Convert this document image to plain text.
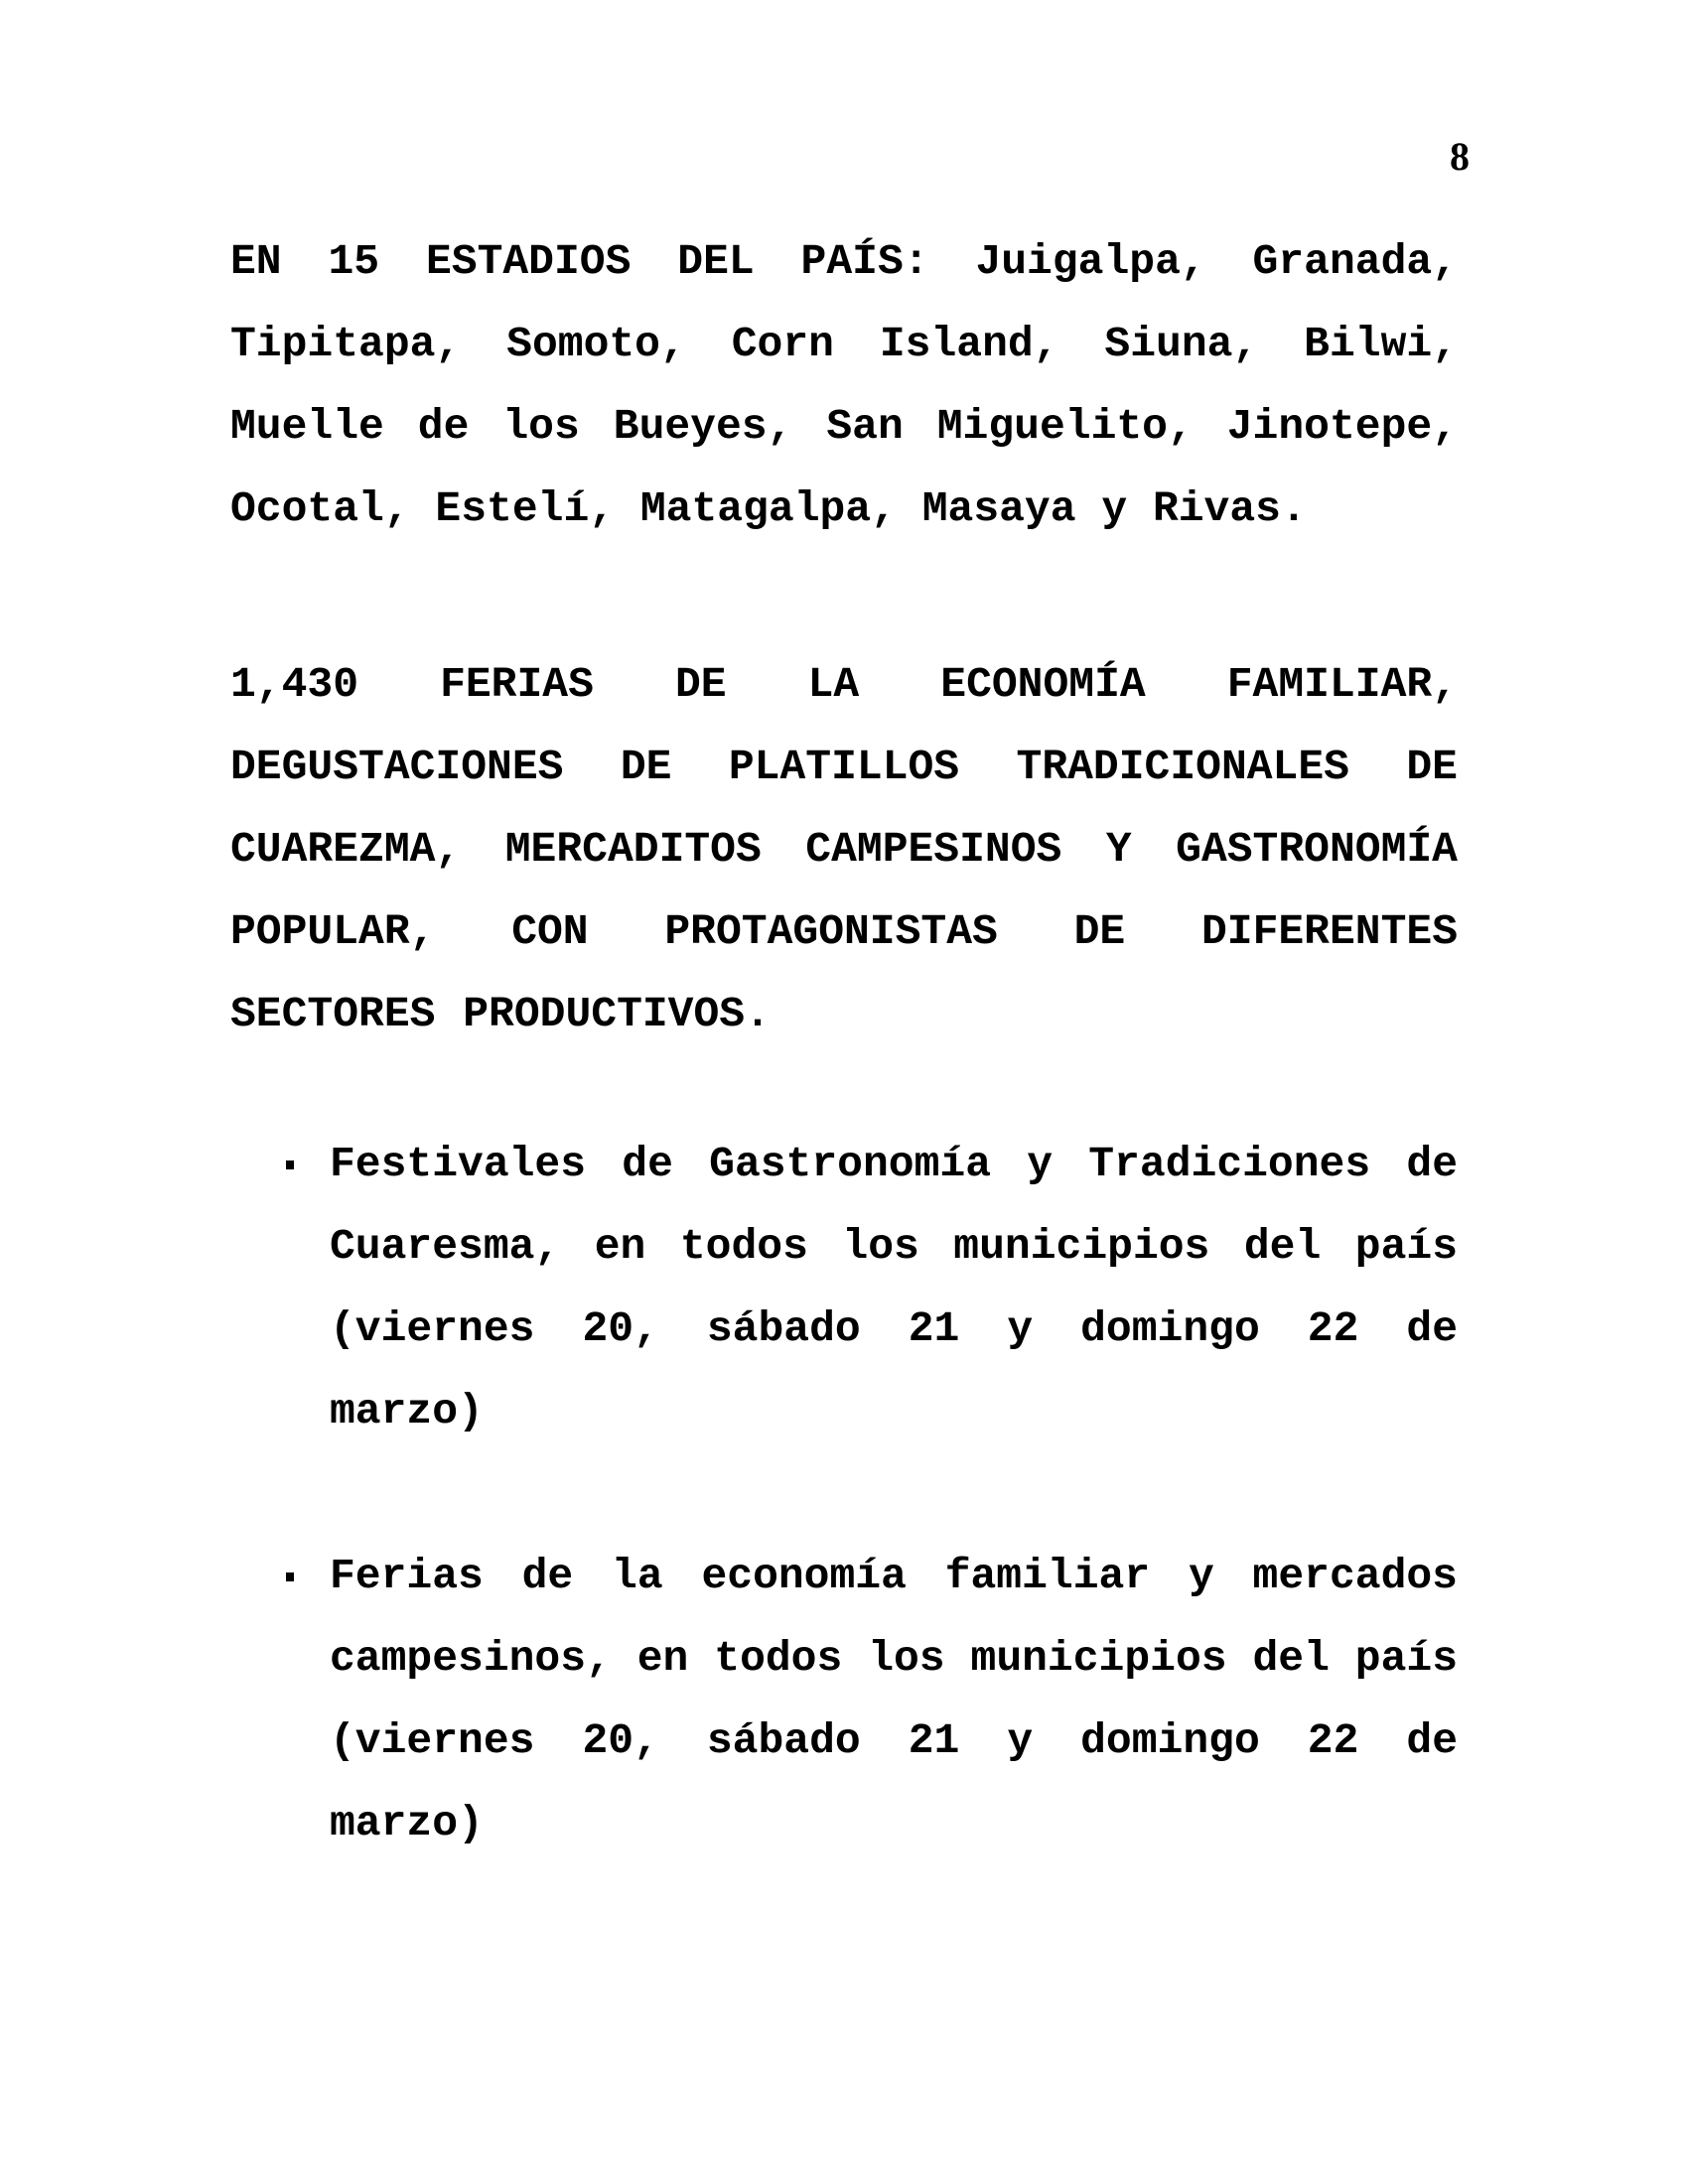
8

EN 15 ESTADIOS DEL PAÍS: Juigalpa, Granada, Tipitapa, Somoto, Corn Island, Siuna, Bilwi, Muelle de los Bueyes, San Miguelito, Jinotepe, Ocotal, Estelí, Matagalpa, Masaya y Rivas.

1,430 FERIAS DE LA ECONOMÍA FAMILIAR, DEGUSTACIONES DE PLATILLOS TRADICIONALES DE CUAREZMA, MERCADITOS CAMPESINOS Y GASTRONOMÍA POPULAR, CON PROTAGONISTAS DE DIFERENTES SECTORES PRODUCTIVOS.

Festivales de Gastronomía y Tradiciones de Cuaresma, en todos los municipios del país (viernes 20, sábado 21 y domingo 22 de marzo)
Ferias de la economía familiar y mercados campesinos, en todos los municipios del país (viernes 20, sábado 21 y domingo 22 de marzo)
